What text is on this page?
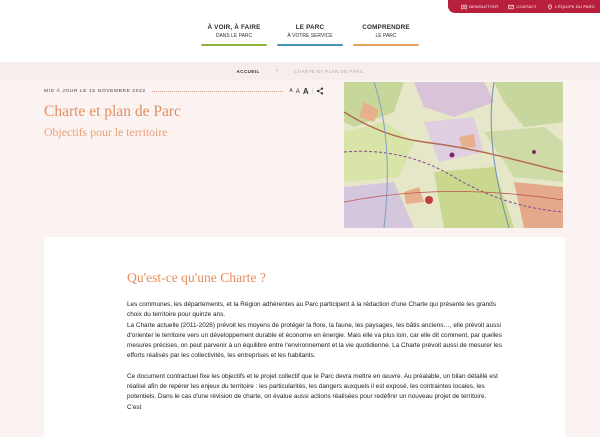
NEWSLETTER	CONTACT	L'ÉQUIPE DU PARC
À VOIR, À FAIRE
DANS LE PARC
LE PARC
À VOTRE SERVICE
COMPRENDRE
LE PARC
ACCUEIL	›	CHARTE ET PLAN DE PARC
MIS À JOUR LE 15 NOVEMBRE 2022	A A A |
Charte et plan de Parc
Objectifs pour le territoire
Qu'est-ce qu'une Charte ?

Les communes, les départements, et la Région adhérentes au Parc participent à la rédaction d'une Charte qui présente les grands choix du territoire pour quinze ans.

La Charte actuelle (2011-2026) prévoit les moyens de protéger la flore, la faune, les paysages, les bâtis anciens…, elle prévoit aussi d'orienter le territoire vers un développement durable et économe en énergie. Mais elle va plus loin, car elle dit comment, par quelles mesures précises, on peut parvenir à un équilibre entre l'environnement et la vie quotidienne. La Charte prévoit aussi de mesurer les efforts réalisés par les collectivités, les entreprises et les habitants.

Ce document contractuel fixe les objectifs et le projet collectif que le Parc devra mettre en œuvre. Au préalable, un bilan détaillé est réalisé afin de repérer les enjeux du territoire : les particularités, les dangers auxquels il est exposé, les contraintes locales, les potentiels. Dans le cas d'une révision de charte, on évalue aussi actions réalisées pour redéfinir un nouveau projet de territoire. C'est
